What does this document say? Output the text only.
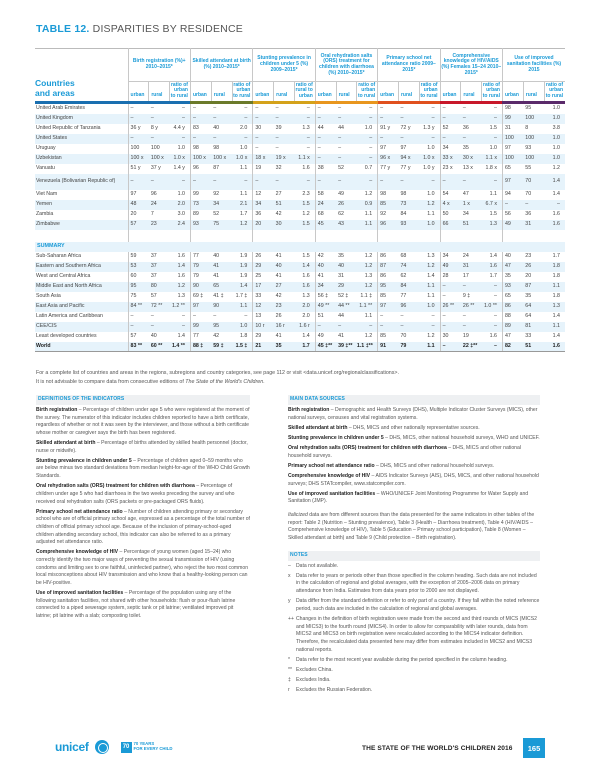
TABLE 12. DISPARITIES BY RESIDENCE
Countries
and areas	Birth registration (%)+ 2010–2015*			Skilled attendant at birth (%) 2010–2015*			Stunting prevalence in children under 5 (%) 2009–2015*			Oral rehydration salts (ORS) treatment for children with diarrhoea (%) 2010–2015*			Primary school net attendance ratio 2009–2015*			Comprehensive knowledge of HIV/AIDS (%) Females 15–24 2010–2015*			Use of improved sanitation facilities (%) 2015		
	urban	rural	ratio of urban to rural	urban	rural	ratio of urban to rural	urban	rural	ratio of rural to urban	urban	rural	ratio of urban to rural	urban	rural	ratio of urban to rural	urban	rural	ratio of urban to rural	urban	rural	ratio of urban to rural

United Arab Emirates	–	–	–	–	–	–	–	–	–	–	–	–	–	–	–	–	–	–	98	95	1.0
United Kingdom	–	–	–	–	–	–	–	–	–	–	–	–	–	–	–	–	–	–	99	100	1.0
United Republic of Tanzania	36 y	8 y	4.4 y	83	40	2.0	30	39	1.3	44	44	1.0	91 y	72 y	1.3 y	52	36	1.5	31	8	3.8
United States	–	–	–	–	–	–	–	–	–	–	–	–	–	–	–	–	–	–	100	100	1.0
Uruguay	100	100	1.0	98	98	1.0	–	–	–	–	–	–	97	97	1.0	34	35	1.0	97	93	1.0
Uzbekistan	100 x	100 x	1.0 x	100 x	100 x	1.0 x	18 x	19 x	1.1 x	–	–	–	96 x	94 x	1.0 x	33 x	30 x	1.1 x	100	100	1.0
Vanuatu	51 y	37 y	1.4 y	96	87	1.1	19	32	1.6	38	52	0.7	77 y	77 y	1.0 y	23 x	13 x	1.8 x	65	55	1.2
Venezuela (Bolivarian Republic of)	–	–	–	–	–	–	–	–	–	–	–	–	–	–	–	–	–	–	97	70	1.4
Viet Nam	97	96	1.0	99	92	1.1	12	27	2.3	58	49	1.2	98	98	1.0	54	47	1.1	94	70	1.4
Yemen	48	24	2.0	73	34	2.1	34	51	1.5	24	26	0.9	85	73	1.2	4 x	1 x	6.7 x	–	–	–
Zambia	20	7	3.0	89	52	1.7	36	42	1.2	68	62	1.1	92	84	1.1	50	34	1.5	56	36	1.6
Zimbabwe	57	23	2.4	93	75	1.2	20	30	1.5	45	43	1.1	96	93	1.0	66	51	1.3	49	31	1.6

SUMMARY																					
Sub-Saharan Africa	59	37	1.6	77	40	1.9	26	41	1.5	42	35	1.2	86	68	1.3	34	24	1.4	40	23	1.7
Eastern and Southern Africa	53	37	1.4	79	41	1.9	29	40	1.4	40	40	1.2	87	74	1.2	49	31	1.6	47	26	1.8
West and Central Africa	60	37	1.6	79	41	1.9	25	41	1.6	41	31	1.3	86	62	1.4	28	17	1.7	35	20	1.8
Middle East and North Africa	95	80	1.2	90	65	1.4	17	27	1.6	34	29	1.2	95	84	1.1	–	–	–	93	87	1.1
South Asia	75	57	1.3	69 ‡	41 ‡	1.7 ‡	33	42	1.3	56 ‡	52 ‡	1.1 ‡	85	77	1.1	–	9 ‡	–	65	35	1.8
East Asia and Pacific	84 **	72 **	1.2 **	97	90	1.1	12	23	2.0	49 **	44 **	1.1 **	97	96	1.0	26 **	26 **	1.0 **	86	64	1.3
Latin America and Caribbean	–	–	–	–	–	–	13	26	2.0	51	44	1.1	–	–	–	–	–	–	88	64	1.4
CEE/CIS	–	–	–	99	95	1.0	10 r	16 r	1.6 r	–	–	–	–	–	–	–	–	–	89	81	1.1
Least developed countries	57	40	1.4	77	42	1.8	29	41	1.4	49	41	1.2	85	70	1.2	30	19	1.6	47	33	1.4
World	83 **	60 **	1.4 **	88 ‡	59 ‡	1.5 ‡	21	35	1.7	45 ‡**	39 ‡**	1.1 ‡**	91	79	1.1	–	22 ‡**	–	82	51	1.6
For a complete list of countries and areas in the regions, subregions and country categories, see page 112 or visit <data.unicef.org/regionalclassifications>.
It is not advisable to compare data from consecutive editions of The State of the World's Children.
DEFINITIONS OF THE INDICATORS

Birth registration – Percentage of children under age 5 who were registered at the moment of the survey. The numerator of this indicator includes children reported to have a birth certificate, regardless of whether or not it was seen by the interviewer, and those without a birth certificate whose mother or caregiver says the birth has been registered.

Skilled attendant at birth – Percentage of births attended by skilled health personnel (doctor, nurse or midwife).

Stunting prevalence in children under 5 – Percentage of children aged 0–59 months who are below minus two standard deviations from median height-for-age of the WHO Child Growth Standards.

Oral rehydration salts (ORS) treatment for children with diarrhoea – Percentage of children under age 5 who had diarrhoea in the two weeks preceding the survey and who received oral rehydration salts (ORS packets or pre-packaged ORS fluids).

Primary school net attendance ratio – Number of children attending primary or secondary school who are of official primary school age, expressed as a percentage of the total number of children of official primary school age. Because of the inclusion of primary-school-aged children attending secondary school, this indicator can also be referred to as a primary adjusted net attendance ratio.

Comprehensive knowledge of HIV – Percentage of young women (aged 15–24) who correctly identify the two major ways of preventing the sexual transmission of HIV (using condoms and limiting sex to one faithful, uninfected partner), who reject the two most common local misconceptions about HIV transmission and who know that a healthy-looking person can be HIV-positive.

Use of improved sanitation facilities – Percentage of the population using any of the following sanitation facilities, not shared with other households: flush or pour-flush latrine connected to a piped sewerage system, septic tank or pit latrine; ventilated improved pit latrine; pit latrine with a slab; composting toilet.

MAIN DATA SOURCES

Birth registration – Demographic and Health Surveys (DHS), Multiple Indicator Cluster Surveys (MICS), other national surveys, censuses and vital registration systems.

Skilled attendant at birth – DHS, MICS and other nationally representative sources.

Stunting prevalence in children under 5 – DHS, MICS, other national household surveys, WHO and UNICEF.

Oral rehydration salts (ORS) treatment for children with diarrhoea – DHS, MICS and other national household surveys.

Primary school net attendance ratio – DHS, MICS and other national household surveys.

Comprehensive knowledge of HIV – AIDS Indicator Surveys (AIS), DHS, MICS, and other national household surveys; DHS STATcompiler, www.statcompiler.com.

Use of improved sanitation facilities – WHO/UNICEF Joint Monitoring Programme for Water Supply and Sanitation (JMP).

Italicized data are from different sources than the data presented for the same indicators in other tables of the report: Table 2 (Nutrition – Stunting prevalence), Table 3 (Health – Diarrhoea treatment), Table 4 (HIV/AIDS – Comprehensive knowledge of HIV), Table 5 (Education – Primary school participation), Table 8 (Women – Skilled attendant at birth) and Table 9 (Child protection – Birth registration).

NOTES
–	Data not available.
x	Data refer to years or periods other than those specified in the column heading. Such data are not included in the calculation of regional and global averages, with the exception of 2005–2006 data on primary attendance from India. Estimates from data years prior to 2000 are not displayed.
y	Data differ from the standard definition or refer to only part of a country. If they fall within the noted reference period, such data are included in the calculation of regional and global averages.
++ Changes in the definition of birth registration were made from the second and third rounds of MICS (MICS2 and MICS3) to the fourth round (MICS4). In order to allow for comparability with later rounds, data from MICS2 and MICS3 on birth registration were recalculated according to the MICS4 indicator definition. Therefore, the recalculated data presented here may differ from estimates included in MICS2 and MICS3 national reports.
*	Data refer to the most recent year available during the period specified in the column heading.
** Excludes China.
‡	Excludes India.
r	Excludes the Russian Federation.
unicef	70
70 YEARS
FOR EVERY CHILD	THE STATE OF THE WORLD'S CHILDREN 2016	165
